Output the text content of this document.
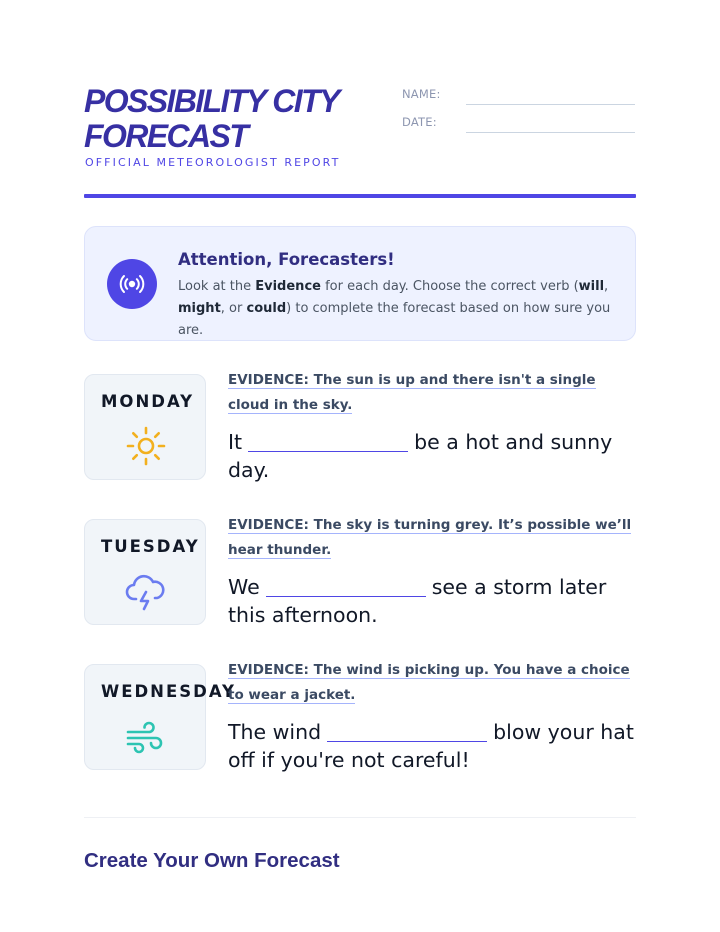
POSSIBILITY CITY FORECAST
OFFICIAL METEOROLOGIST REPORT
NAME:
DATE:
Attention, Forecasters!
Look at the Evidence for each day. Choose the correct verb (will, might, or could) to complete the forecast based on how sure you are.
MONDAY
EVIDENCE: The sun is up and there isn't a single cloud in the sky.
It	be a hot and sunny day.
TUESDAY
EVIDENCE: The sky is turning grey. It’s possible we’ll hear thunder.
We	see a storm later this afternoon.
WEDNESDAY
EVIDENCE: The wind is picking up. You have a choice to wear a jacket.
The wind	blow your hat off if you're not careful!
Create Your Own Forecast
